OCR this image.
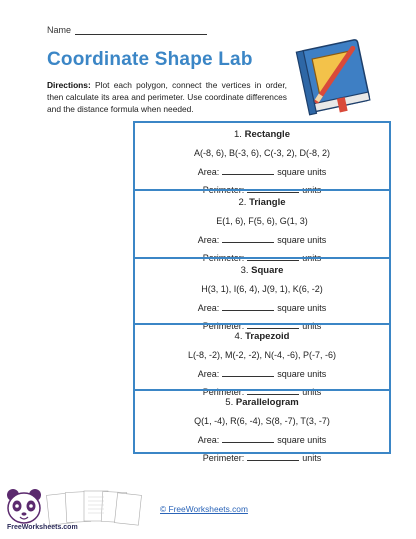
Name
Coordinate Shape Lab
Directions: Plot each polygon, connect the vertices in order, then calculate its area and perimeter. Use coordinate differences and the distance formula when needed.
1. Rectangle
A(-8, 6), B(-3, 6), C(-3, 2), D(-8, 2)
Area:	square units
Perimeter:	units
2. Triangle
E(1, 6), F(5, 6), G(1, 3)
Area:	square units
Perimeter:	units
3. Square
H(3, 1), I(6, 4), J(9, 1), K(6, -2)
Area:	square units
Perimeter:	units
4. Trapezoid
L(-8, -2), M(-2, -2), N(-4, -6), P(-7, -6)
Area:	square units
Perimeter:	units
5. Parallelogram
Q(1, -4), R(6, -4), S(8, -7), T(3, -7)
Area:	square units
Perimeter:	units
FreeWorksheets.com
© FreeWorksheets.com
